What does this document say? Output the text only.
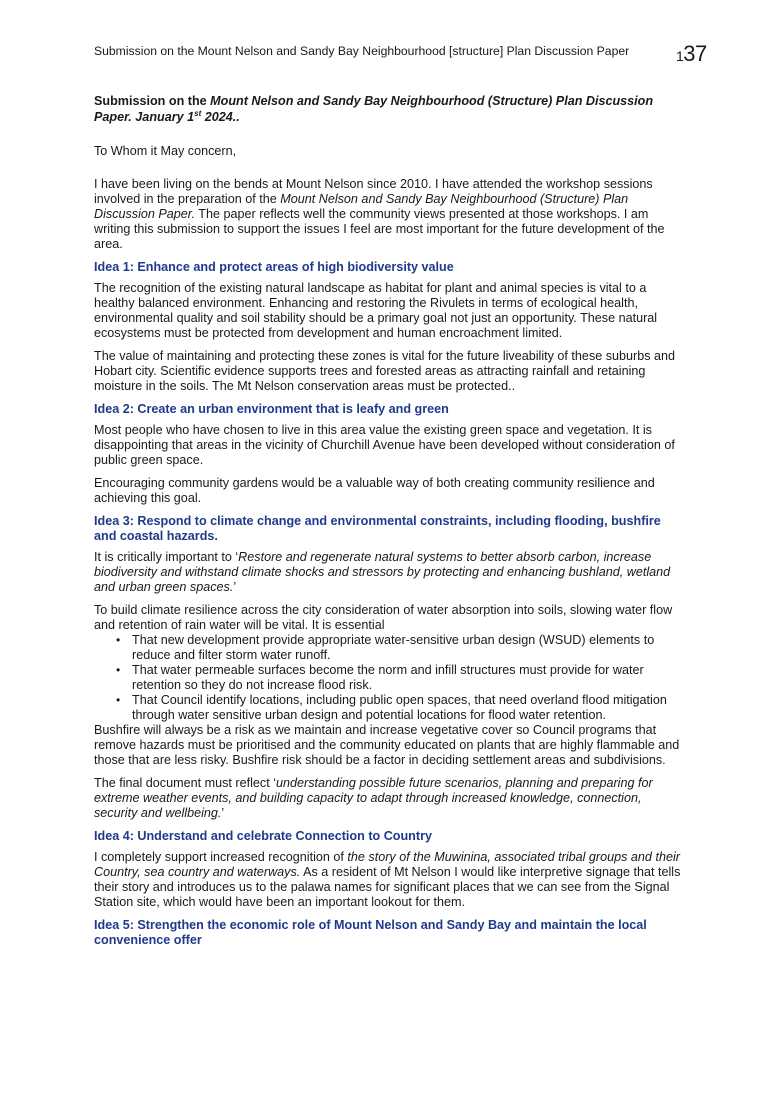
Submission on the Mount Nelson and Sandy Bay Neighbourhood [structure] Plan Discussion Paper	137

Submission on the Mount Nelson and Sandy Bay Neighbourhood (Structure) Plan Discussion Paper. January 1st 2024..

To Whom it May concern,

I have been living on the bends at Mount Nelson since 2010. I have attended the workshop sessions involved in the preparation of the Mount Nelson and Sandy Bay Neighbourhood (Structure) Plan Discussion Paper. The paper reflects well the community views presented at those workshops. I am writing this submission to support the issues I feel are most important for the future development of the area.

Idea 1: Enhance and protect areas of high biodiversity value

The recognition of the existing natural landscape as habitat for plant and animal species is vital to a healthy balanced environment. Enhancing and restoring the Rivulets in terms of ecological health, environmental quality and soil stability should be a primary goal not just an opportunity. These natural ecosystems must be protected from development and human encroachment limited.

The value of maintaining and protecting these zones is vital for the future liveability of these suburbs and Hobart city. Scientific evidence supports trees and forested areas as attracting rainfall and retaining moisture in the soils. The Mt Nelson conservation areas must be protected..

Idea 2: Create an urban environment that is leafy and green

Most people who have chosen to live in this area value the existing green space and vegetation. It is disappointing that areas in the vicinity of Churchill Avenue have been developed without consideration of public green space.

Encouraging community gardens would be a valuable way of both creating community resilience and achieving this goal.

Idea 3: Respond to climate change and environmental constraints, including flooding, bushfire and coastal hazards.

It is critically important to ‘Restore and regenerate natural systems to better absorb carbon, increase biodiversity and withstand climate shocks and stressors by protecting and enhancing bushland, wetland and urban green spaces.’

To build climate resilience across the city consideration of water absorption into soils, slowing water flow and retention of rain water will be vital. It is essential

• That new development provide appropriate water-sensitive urban design (WSUD) elements to reduce and filter storm water runoff.
• That water permeable surfaces become the norm and infill structures must provide for water retention so they do not increase flood risk.
• That Council identify locations, including public open spaces, that need overland flood mitigation through water sensitive urban design and potential locations for flood water retention.

Bushfire will always be a risk as we maintain and increase vegetative cover so Council programs that remove hazards must be prioritised and the community educated on plants that are highly flammable and those that are less risky. Bushfire risk should be a factor in deciding settlement areas and subdivisions.

The final document must reflect ‘understanding possible future scenarios, planning and preparing for extreme weather events, and building capacity to adapt through increased knowledge, connection, security and wellbeing.’

Idea 4: Understand and celebrate Connection to Country

I completely support increased recognition of the story of the Muwinina, associated tribal groups and their Country, sea country and waterways. As a resident of Mt Nelson I would like interpretive signage that tells their story and introduces us to the palawa names for significant places that we can see from the Signal Station site, which would have been an important lookout for them.

Idea 5: Strengthen the economic role of Mount Nelson and Sandy Bay and maintain the local convenience offer
